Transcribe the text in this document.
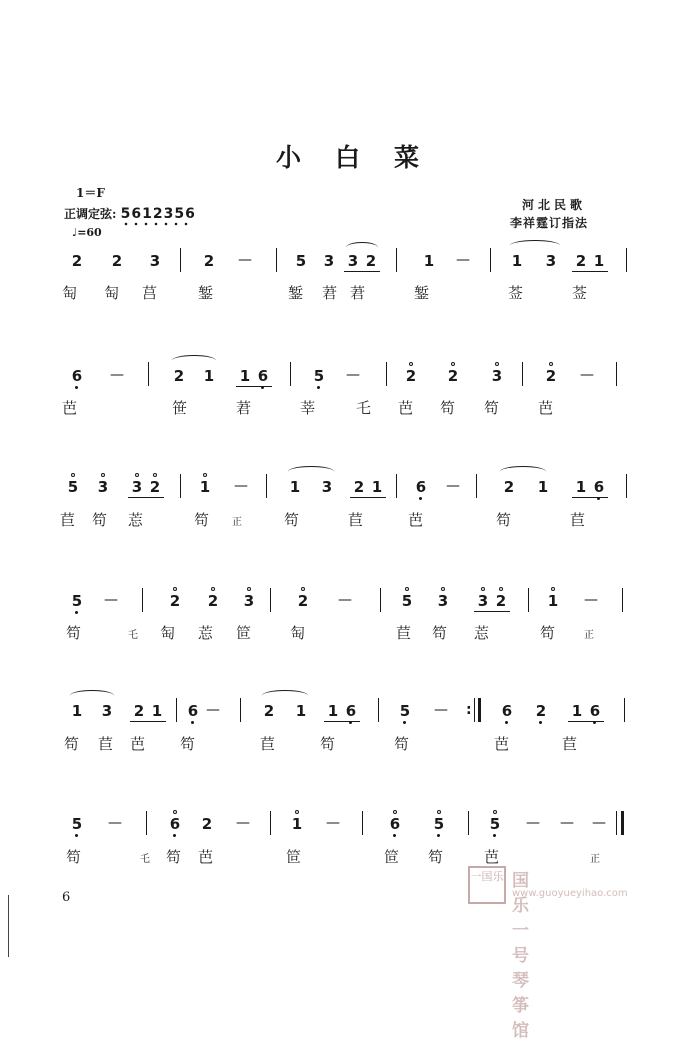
小白菜
1＝F
正调定弦: 5612356
♩=60
河北民歌
李祥霆订指法
2 2 3	2 —	5 3 3 2	1 —	1 3 2 1
匋 匋 莒	錾	錾 莙 莙	錾	莶	莶
6 —	2 1 1 6	5 —	2 2 3	2 —
芭	笹	莙	莘	乇 芭 笱 笱	芭
5 3 3 2	1 —	1 3 2 1 6 —	2 1 1 6
苣 笱 莣	笱 正	笱	苣	芭	笱	苣
5 —	2 2 3	2 —	5 3 3 2	1 —
笱	乇 匋 莣 笸	匋	苣 笱 莣	笱	正
1 3 2 1 6 —	2 1 1 6	5 — : 6 2 1 6
笱 苣 芭 笱	苣	笱	笱	芭	苣
5 —	6 2 —	1 —	6 5	5 — — —
笱	乇 笱 芭	笸	笸 笱	芭	正
6
一国乐 国乐一号琴筝馆
www.guoyueyihao.com
